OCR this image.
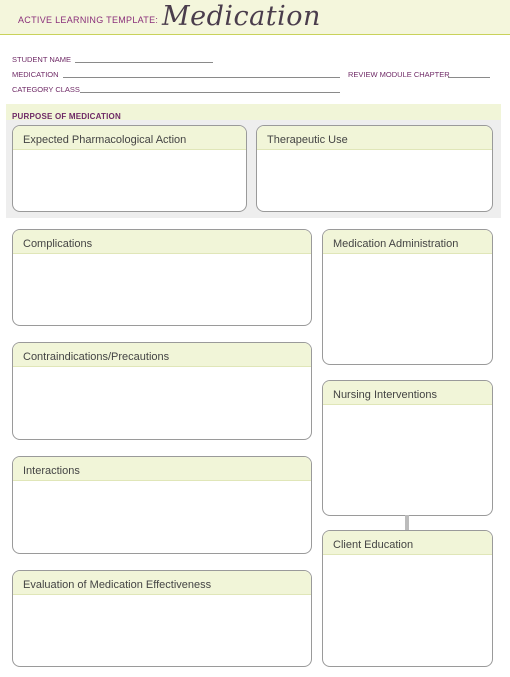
ACTIVE LEARNING TEMPLATE: Medication
STUDENT NAME
MEDICATION	REVIEW MODULE CHAPTER
CATEGORY CLASS
PURPOSE OF MEDICATION
Expected Pharmacological Action	Therapeutic Use
Complications
Contraindications/Precautions
Interactions
Evaluation of Medication Effectiveness
Medication Administration
Nursing Interventions
Client Education
